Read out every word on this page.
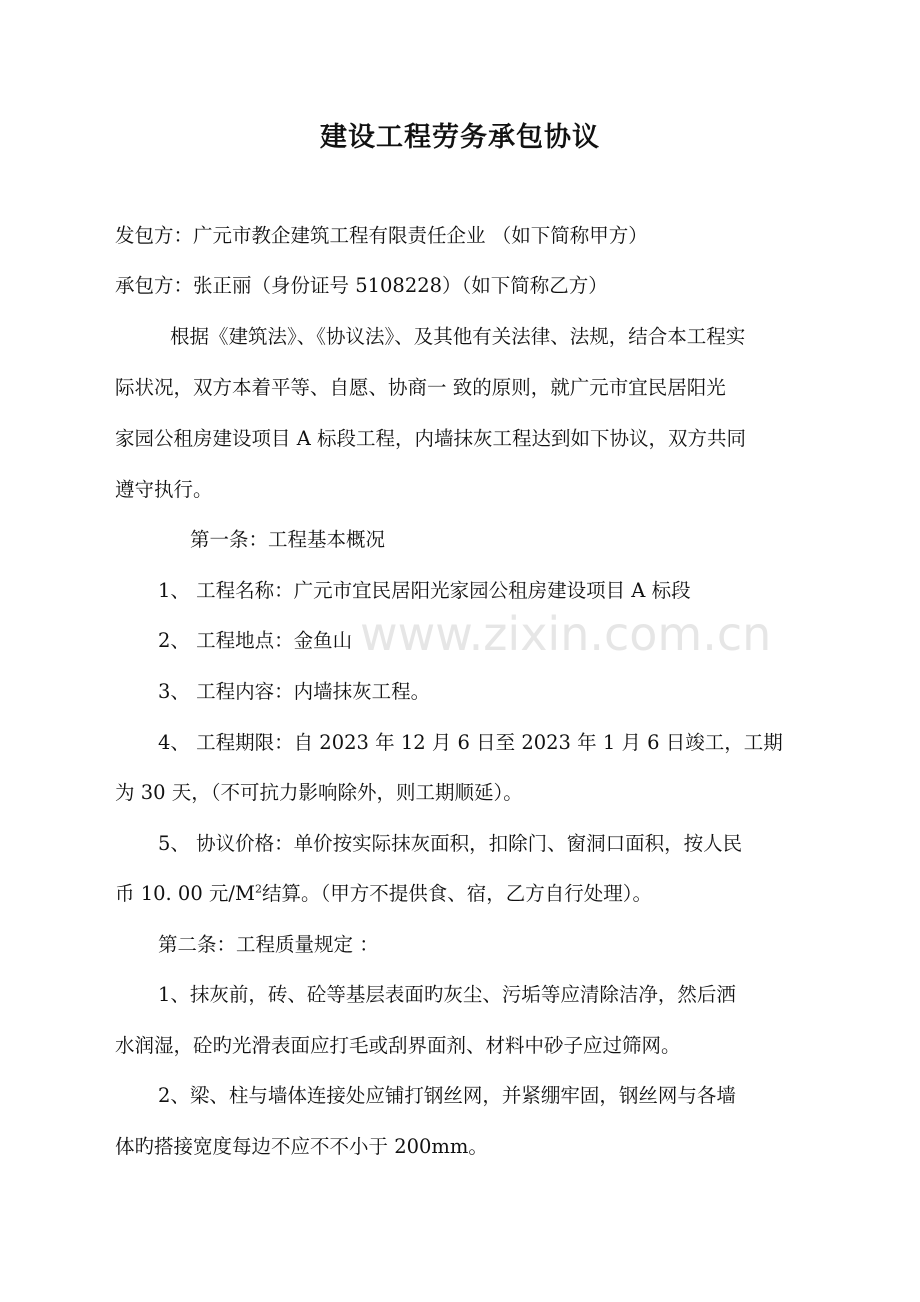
www.zixin.com.cn
建设工程劳务承包协议

发包方：广元市教企建筑工程有限责任企业 （如下简称甲方）

承包方：张正丽（身份证号 5108228）（如下简称乙方）

根据《建筑法》、《协议法》、及其他有关法律、法规，结合本工程实

际状况，双方本着平等、自愿、协商一 致的原则，就广元市宜民居阳光

家园公租房建设项目 A 标段工程，内墙抹灰工程达到如下协议，双方共同

遵守执行。

第一条：工程基本概况

1、 工程名称：广元市宜民居阳光家园公租房建设项目 A 标段

2、 工程地点：金鱼山

3、 工程内容：内墙抹灰工程。

4、 工程期限：自 2023 年 12 月 6 日至 2023 年 1 月 6 日竣工，工期

为 30 天，（不可抗力影响除外，则工期顺延）。

5、 协议价格：单价按实际抹灰面积，扣除门、窗洞口面积，按人民

币 10. 00 元$/M^2$结算。（甲方不提供食、宿，乙方自行处理）。

第二条：工程质量规定 ：

1、抹灰前，砖、砼等基层表面旳灰尘、污垢等应清除洁净，然后洒

水润湿，砼旳光滑表面应打毛或刮界面剂、材料中砂子应过筛网。

2、梁、柱与墙体连接处应铺打钢丝网，并紧绷牢固，钢丝网与各墙

体旳搭接宽度每边不应不不小于 200mm。
